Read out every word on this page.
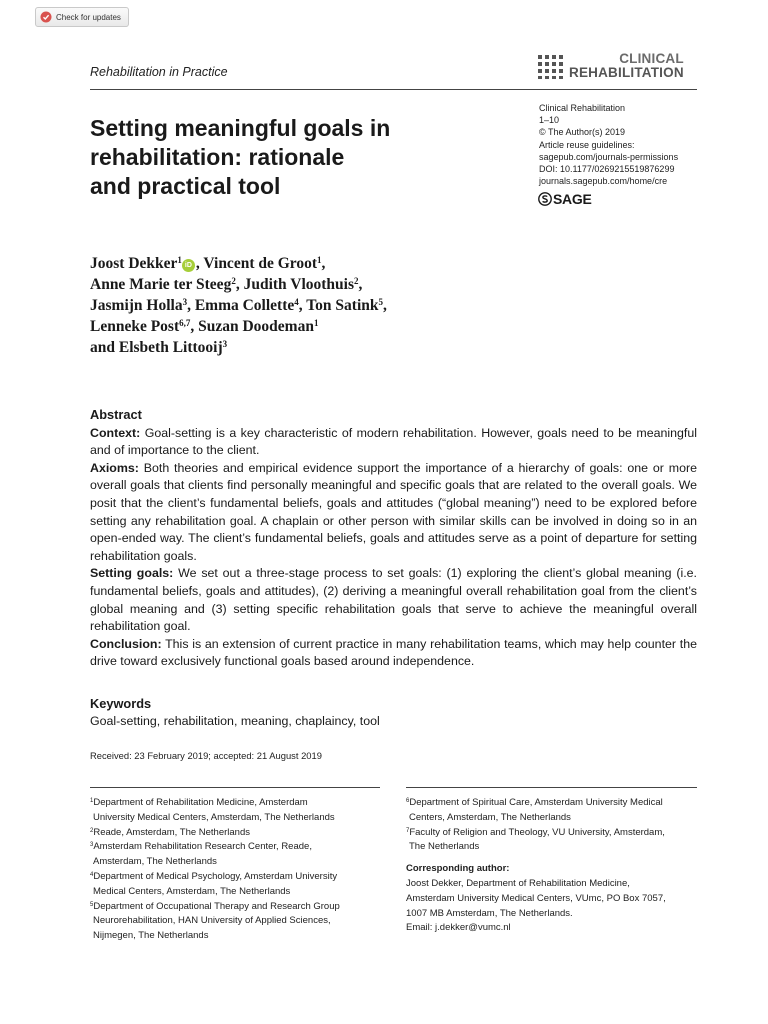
Check for updates
Rehabilitation in Practice
CLINICAL
REHABILITATION
Clinical Rehabilitation
1–10
© The Author(s) 2019
Article reuse guidelines:
sagepub.com/journals-permissions
DOI: 10.1177/0269215519876299
journals.sagepub.com/home/cre
SAGE
Setting meaningful goals in
rehabilitation: rationale
and practical tool
Joost Dekker$^1$iD , Vincent de Groot$^1$,
Anne Marie ter Steeg$^2$, Judith Vloothuis$^2$,
Jasmijn Holla$^3$, Emma Collette$^4$, Ton Satink$^5$,
Lenneke Post$^{6,7}$, Suzan Doodeman$^1$
and Elsbeth Littooij$^3$
Abstract

Context: Goal-setting is a key characteristic of modern rehabilitation. However, goals need to be meaningful and of importance to the client.

Axioms: Both theories and empirical evidence support the importance of a hierarchy of goals: one or more overall goals that clients find personally meaningful and specific goals that are related to the overall goals. We posit that the client’s fundamental beliefs, goals and attitudes (“global meaning”) need to be explored before setting any rehabilitation goal. A chaplain or other person with similar skills can be involved in doing so in an open-ended way. The client’s fundamental beliefs, goals and attitudes serve as a point of departure for setting rehabilitation goals.

Setting goals: We set out a three-stage process to set goals: (1) exploring the client’s global meaning (i.e. fundamental beliefs, goals and attitudes), (2) deriving a meaningful overall rehabilitation goal from the client’s global meaning and (3) setting specific rehabilitation goals that serve to achieve the meaningful overall rehabilitation goal.

Conclusion: This is an extension of current practice in many rehabilitation teams, which may help counter the drive toward exclusively functional goals based around independence.

Keywords
Goal-setting, rehabilitation, meaning, chaplaincy, tool
Received: 23 February 2019; accepted: 21 August 2019
$^1$Department of Rehabilitation Medicine, Amsterdam
University Medical Centers, Amsterdam, The Netherlands
$^2$Reade, Amsterdam, The Netherlands
$^3$Amsterdam Rehabilitation Research Center, Reade,
Amsterdam, The Netherlands
$^4$Department of Medical Psychology, Amsterdam University
Medical Centers, Amsterdam, The Netherlands
$^5$Department of Occupational Therapy and Research Group
Neurorehabilitation, HAN University of Applied Sciences,
Nijmegen, The Netherlands
$^6$Department of Spiritual Care, Amsterdam University Medical
Centers, Amsterdam, The Netherlands
$^7$Faculty of Religion and Theology, VU University, Amsterdam,
The Netherlands
Corresponding author:
Joost Dekker, Department of Rehabilitation Medicine,
Amsterdam University Medical Centers, VUmc, PO Box 7057,
1007 MB Amsterdam, The Netherlands.
Email: j.dekker@vumc.nl
